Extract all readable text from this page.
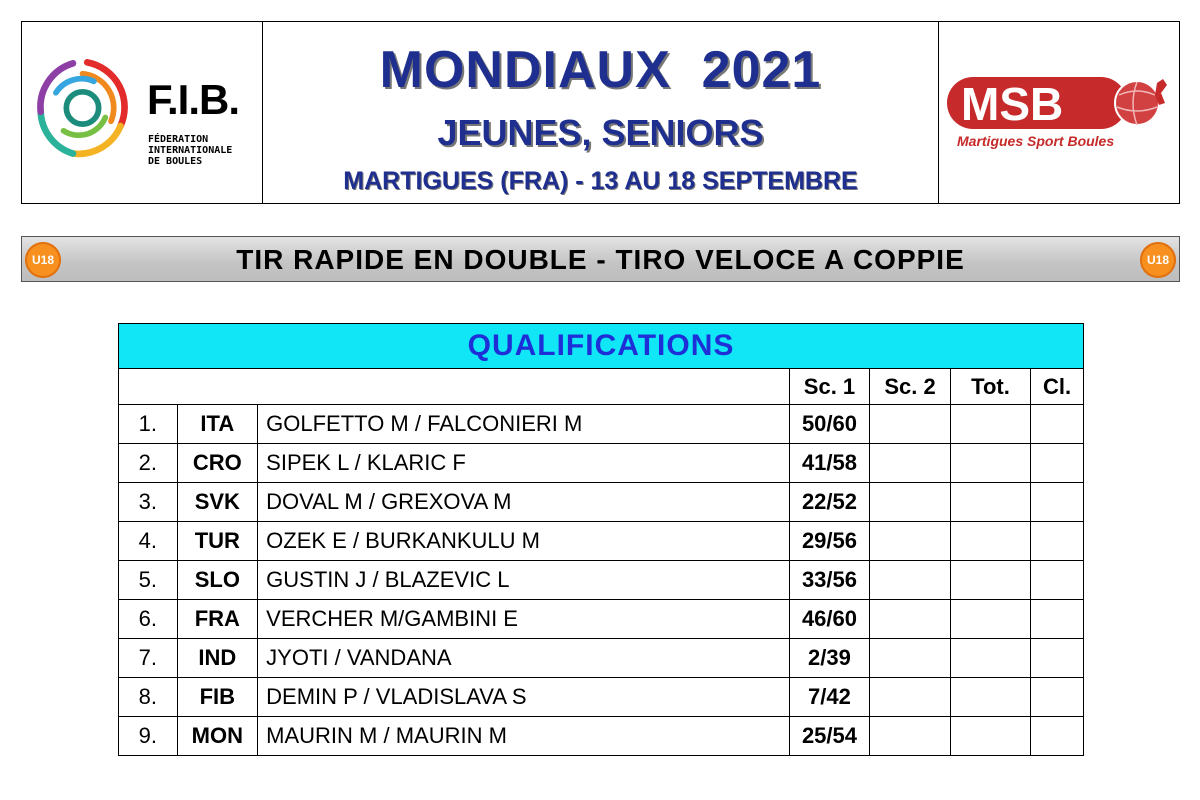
F.I.B.
FÉDERATION
INTERNATIONALE
DE BOULES
MONDIAUX  2021
JEUNES, SENIORS
MARTIGUES (FRA) - 13 AU 18 SEPTEMBRE
MSB
Martigues Sport Boules
U18	TIR RAPIDE EN DOUBLE - TIRO VELOCE A COPPIE	U18
QUALIFICATIONS						
			Sc. 1	Sc. 2	Tot.	Cl.
1.	ITA	GOLFETTO M / FALCONIERI M	50/60			
2.	CRO	SIPEK L / KLARIC F	41/58			
3.	SVK	DOVAL M / GREXOVA M	22/52			
4.	TUR	OZEK E / BURKANKULU M	29/56			
5.	SLO	GUSTIN J / BLAZEVIC L	33/56			
6.	FRA	VERCHER M/GAMBINI E	46/60			
7.	IND	JYOTI / VANDANA	2/39			
8.	FIB	DEMIN P / VLADISLAVA S	7/42			
9.	MON	MAURIN M / MAURIN M	25/54			
